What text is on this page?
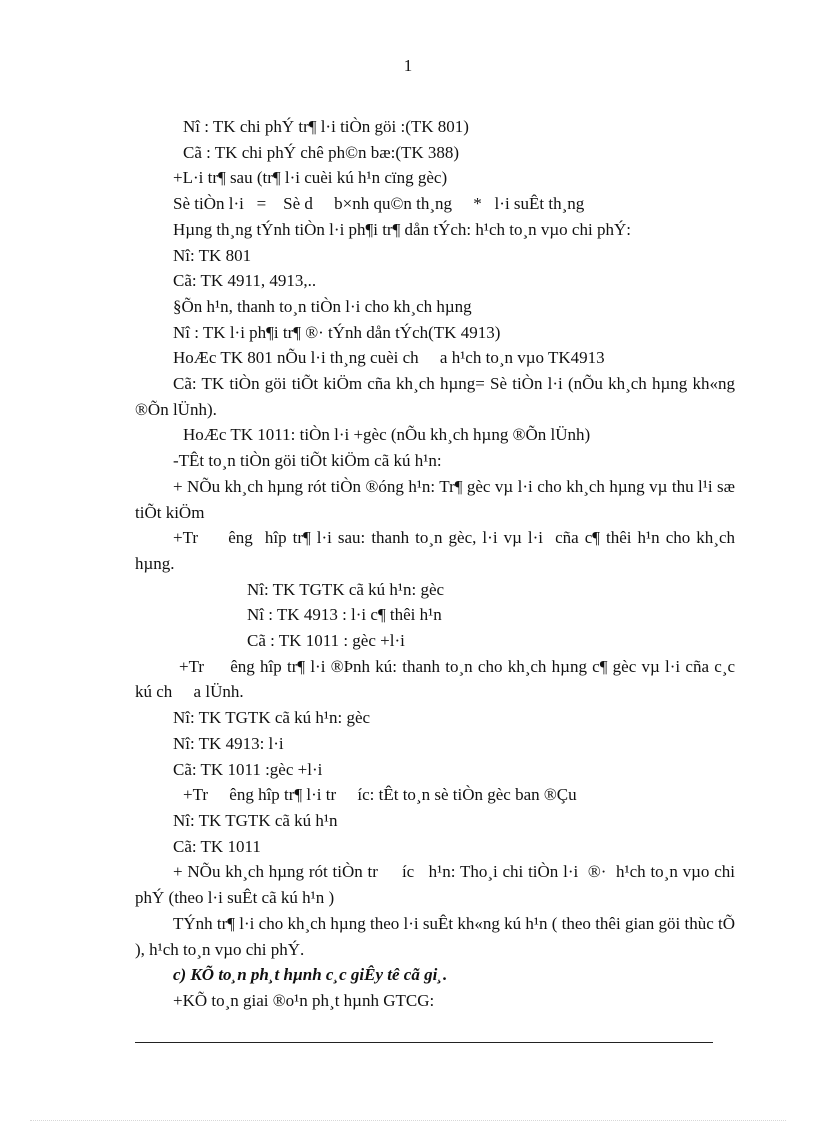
1
Nî : TK chi phÝ tr¶ l·i tiÒn göi :(TK 801)
Cã : TK chi phÝ chê ph©n bæ:(TK 388)
+L·i tr¶ sau (tr¶ l·i cuèi kú h¹n cïng gèc)
Sè tiÒn l·i   =    Sè d     b×nh qu©n th¸ng     *   l·i suÊt th¸ng
Hµng th¸ng tÝnh tiÒn l·i ph¶i tr¶ dån tÝch: h¹ch to¸n vµo chi phÝ:
Nî: TK 801
Cã: TK 4911, 4913,..
§Õn h¹n, thanh to¸n tiÒn l·i cho kh¸ch hµng
Nî : TK l·i ph¶i tr¶ ®· tÝnh dån tÝch(TK 4913)
HoÆc TK 801 nÕu l·i th¸ng cuèi ch     a h¹ch to¸n vµo TK4913
Cã: TK tiÒn göi tiÕt kiÖm cña kh¸ch hµng= Sè tiÒn l·i (nÕu kh¸ch hµng kh«ng ®Õn lÜnh).
HoÆc TK 1011: tiÒn l·i +gèc (nÕu kh¸ch hµng ®Õn lÜnh)
-TÊt to¸n tiÒn göi tiÕt kiÖm cã kú h¹n:
+ NÕu kh¸ch hµng rót tiÒn ®óng h¹n: Tr¶ gèc vµ l·i cho kh¸ch hµng vµ thu l¹i sæ tiÕt kiÖm
+Tr     êng  hîp tr¶ l·i sau: thanh to¸n gèc, l·i vµ l·i  cña c¶ thêi h¹n cho kh¸ch hµng.
Nî: TK TGTK cã kú h¹n: gèc
Nî : TK 4913 : l·i c¶ thêi h¹n
Cã : TK 1011 : gèc +l·i
+Tr     êng hîp tr¶ l·i ®Þnh kú: thanh to¸n cho kh¸ch hµng c¶ gèc vµ l·i cña c¸c kú ch     a lÜnh.
Nî: TK TGTK cã kú h¹n: gèc
Nî: TK 4913: l·i
Cã: TK 1011 :gèc +l·i
+Tr     êng hîp tr¶ l·i tr     íc: tÊt to¸n sè tiÒn gèc ban ®Çu
Nî: TK TGTK cã kú h¹n
Cã: TK 1011
+ NÕu kh¸ch hµng rót tiÒn tr     íc   h¹n: Tho¸i chi tiÒn l·i  ®·  h¹ch to¸n vµo chi phÝ (theo l·i suÊt cã kú h¹n )
TÝnh tr¶ l·i cho kh¸ch hµng theo l·i suÊt kh«ng kú h¹n ( theo thêi gian göi thùc tÕ ), h¹ch to¸n vµo chi phÝ.
c) KÕ to¸n ph¸t hµnh c¸c giÊy tê cã gi¸.
+KÕ to¸n giai ®o¹n ph¸t hµnh GTCG:
